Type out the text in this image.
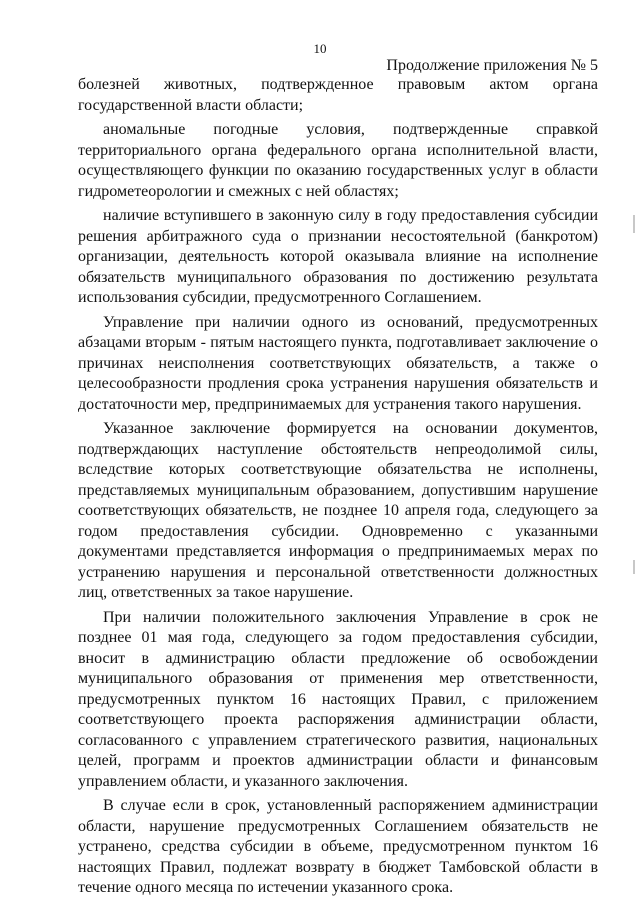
10
Продолжение приложения № 5

болезней животных, подтвержденное правовым актом органа государственной власти области;

аномальные погодные условия, подтвержденные справкой территориального органа федерального органа исполнительной власти, осуществляющего функции по оказанию государственных услуг в области гидрометеорологии и смежных с ней областях;

наличие вступившего в законную силу в году предоставления субсидии решения арбитражного суда о признании несостоятельной (банкротом) организации, деятельность которой оказывала влияние на исполнение обязательств муниципального образования по достижению результата использования субсидии, предусмотренного Соглашением.

Управление при наличии одного из оснований, предусмотренных абзацами вторым - пятым настоящего пункта, подготавливает заключение о причинах неисполнения соответствующих обязательств, а также о целесообразности продления срока устранения нарушения обязательств и достаточности мер, предпринимаемых для устранения такого нарушения.

Указанное заключение формируется на основании документов, подтверждающих наступление обстоятельств непреодолимой силы, вследствие которых соответствующие обязательства не исполнены, представляемых муниципальным образованием, допустившим нарушение соответствующих обязательств, не позднее 10 апреля года, следующего за годом предоставления субсидии. Одновременно с указанными документами представляется информация о предпринимаемых мерах по устранению нарушения и персональной ответственности должностных лиц, ответственных за такое нарушение.

При наличии положительного заключения Управление в срок не позднее 01 мая года, следующего за годом предоставления субсидии, вносит в администрацию области предложение об освобождении муниципального образования от применения мер ответственности, предусмотренных пунктом 16 настоящих Правил, с приложением соответствующего проекта распоряжения администрации области, согласованного с управлением стратегического развития, национальных целей, программ и проектов администрации области и финансовым управлением области, и указанного заключения.

В случае если в срок, установленный распоряжением администрации области, нарушение предусмотренных Соглашением обязательств не устранено, средства субсидии в объеме, предусмотренном пунктом 16 настоящих Правил, подлежат возврату в бюджет Тамбовской области в течение одного месяца по истечении указанного срока.
